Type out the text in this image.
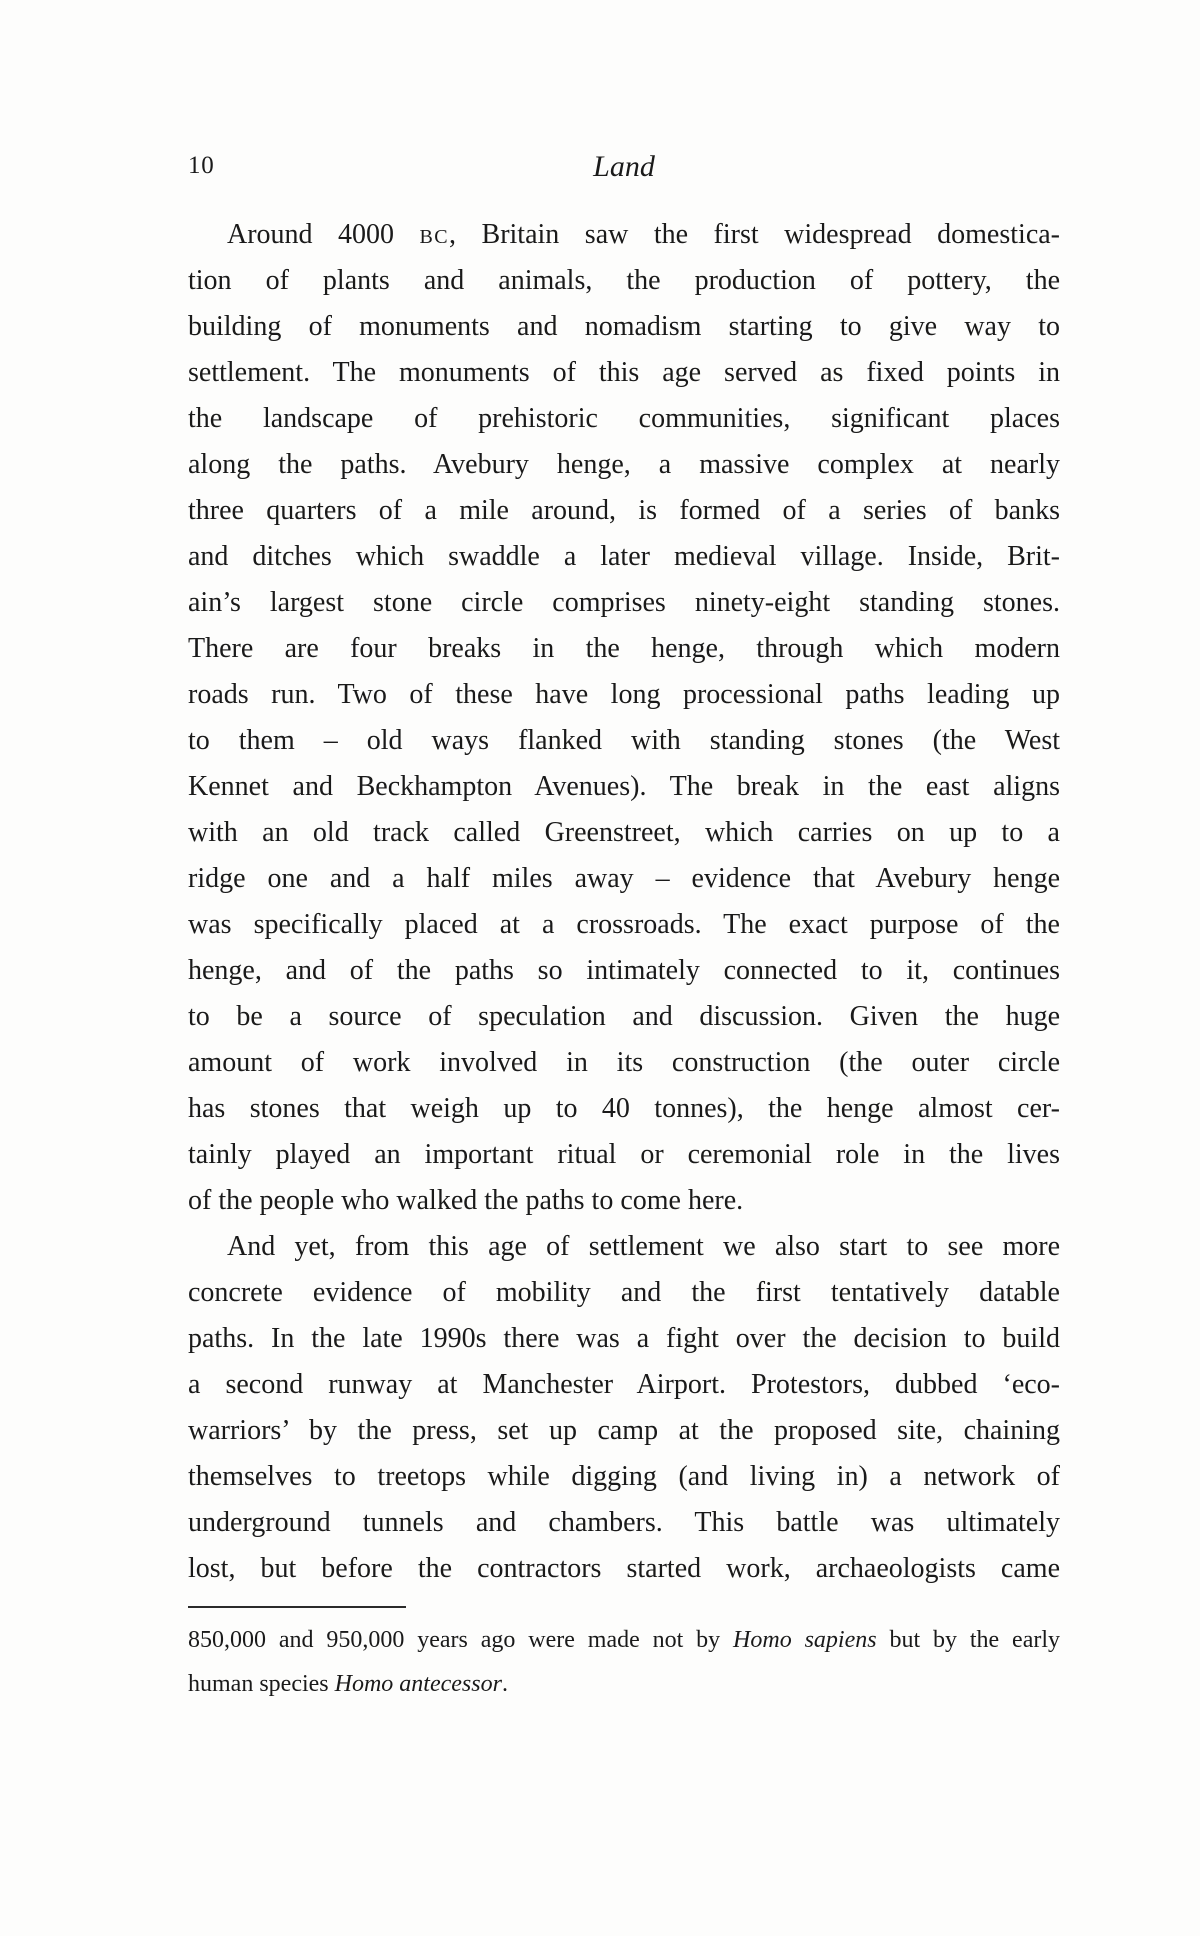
10	Land
Around 4000 bc, Britain saw the first widespread domestica-
tion of plants and animals, the production of pottery, the
building of monuments and nomadism starting to give way to
settlement. The monuments of this age served as fixed points in
the landscape of prehistoric communities, significant places
along the paths. Avebury henge, a massive complex at nearly
three quarters of a mile around, is formed of a series of banks
and ditches which swaddle a later medieval village. Inside, Brit-
ain’s largest stone circle comprises ninety-eight standing stones.
There are four breaks in the henge, through which modern
roads run. Two of these have long processional paths leading up
to them – old ways flanked with standing stones (the West
Kennet and Beckhampton Avenues). The break in the east aligns
with an old track called Greenstreet, which carries on up to a
ridge one and a half miles away – evidence that Avebury henge
was specifically placed at a crossroads. The exact purpose of the
henge, and of the paths so intimately connected to it, continues
to be a source of speculation and discussion. Given the huge
amount of work involved in its construction (the outer circle
has stones that weigh up to 40 tonnes), the henge almost cer-
tainly played an important ritual or ceremonial role in the lives
of the people who walked the paths to come here.
And yet, from this age of settlement we also start to see more
concrete evidence of mobility and the first tentatively datable
paths. In the late 1990s there was a fight over the decision to build
a second runway at Manchester Airport. Protestors, dubbed ‘eco-
warriors’ by the press, set up camp at the proposed site, chaining
themselves to treetops while digging (and living in) a network of
underground tunnels and chambers. This battle was ultimately
lost, but before the contractors started work, archaeologists came
850,000 and 950,000 years ago were made not by Homo sapiens but by the early
human species Homo antecessor.
